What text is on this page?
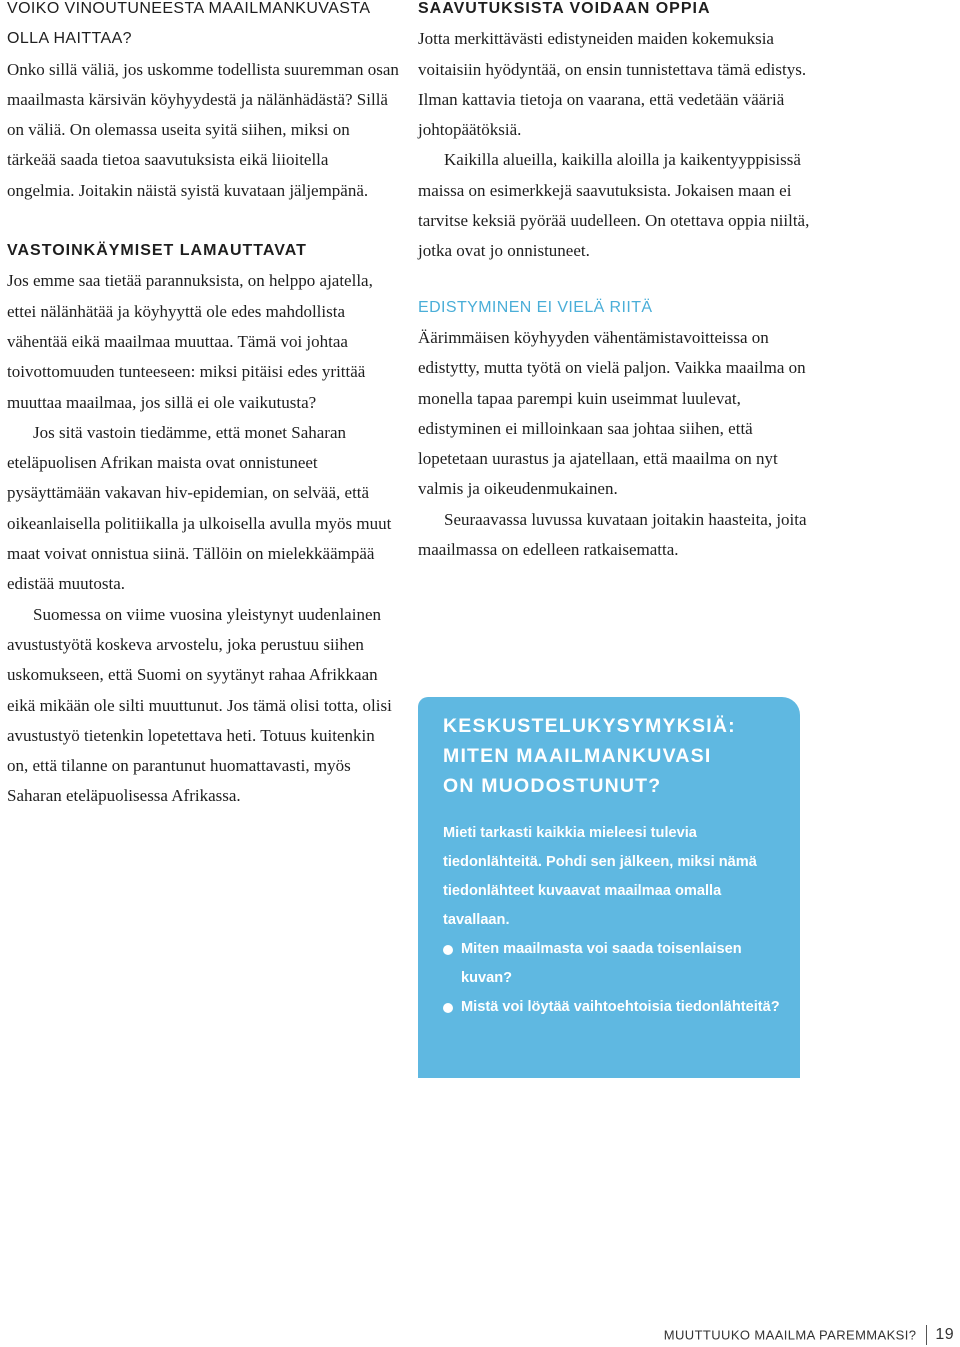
VOIKO VINOUTUNEESTA MAAILMANKUVASTA OLLA HAITTAA?

Onko sillä väliä, jos uskomme todellista suuremman osan maailmasta kärsivän köyhyydestä ja nälänhädästä? Sillä on väliä. On olemassa useita syitä siihen, miksi on tärkeää saada tietoa saavutuksista eikä liioitella ongelmia. Joitakin näistä syistä kuvataan jäljempänä.

VASTOINKÄYMISET LAMAUTTAVAT

Jos emme saa tietää parannuksista, on helppo ajatella, ettei nälänhätää ja köyhyyttä ole edes mahdollista vähentää eikä maailmaa muuttaa. Tämä voi johtaa toivottomuuden tunteeseen: miksi pitäisi edes yrittää muuttaa maailmaa, jos sillä ei ole vaikutusta?

Jos sitä vastoin tiedämme, että monet Saharan eteläpuolisen Afrikan maista ovat onnistuneet pysäyttämään vakavan hiv-epidemian, on selvää, että oikeanlaisella politiikalla ja ulkoisella avulla myös muut maat voivat onnistua siinä. Tällöin on mielekkäämpää edistää muutosta.

Suomessa on viime vuosina yleistynyt uudenlainen avustustyötä koskeva arvostelu, joka perustuu siihen uskomukseen, että Suomi on syytänyt rahaa Afrikkaan eikä mikään ole silti muuttunut. Jos tämä olisi totta, olisi avustustyö tietenkin lopetettava heti. Totuus kuitenkin on, että tilanne on parantunut huomattavasti, myös Saharan eteläpuolisessa Afrikassa.

SAAVUTUKSISTA VOIDAAN OPPIA

Jotta merkittävästi edistyneiden maiden kokemuksia voitaisiin hyödyntää, on ensin tunnistettava tämä edistys. Ilman kattavia tietoja on vaarana, että vedetään vääriä johtopäätöksiä.

Kaikilla alueilla, kaikilla aloilla ja kaikentyyppisissä maissa on esimerkkejä saavutuksista. Jokaisen maan ei tarvitse keksiä pyörää uudelleen. On otettava oppia niiltä, jotka ovat jo onnistuneet.

EDISTYMINEN EI VIELÄ RIITÄ

Äärimmäisen köyhyyden vähentämistavoitteissa on edistytty, mutta työtä on vielä paljon. Vaikka maailma on monella tapaa parempi kuin useimmat luulevat, edistyminen ei milloinkaan saa johtaa siihen, että lopetetaan uurastus ja ajatellaan, että maailma on nyt valmis ja oikeudenmukainen.

Seuraavassa luvussa kuvataan joitakin haasteita, joita maailmassa on edelleen ratkaisematta.

KESKUSTELUKYSYMYKSIÄ:
MITEN MAAILMANKUVASI
ON MUODOSTUNUT?

Mieti tarkasti kaikkia mieleesi tulevia tiedonlähteitä. Pohdi sen jälkeen, miksi nämä tiedonlähteet kuvaavat maailmaa omalla tavallaan.

Miten maailmasta voi saada toisenlaisen kuvan?
Mistä voi löytää vaihtoehtoisia tiedonlähteitä?
MUUTTUUKO MAAILMA PAREMMAKSI? 19
